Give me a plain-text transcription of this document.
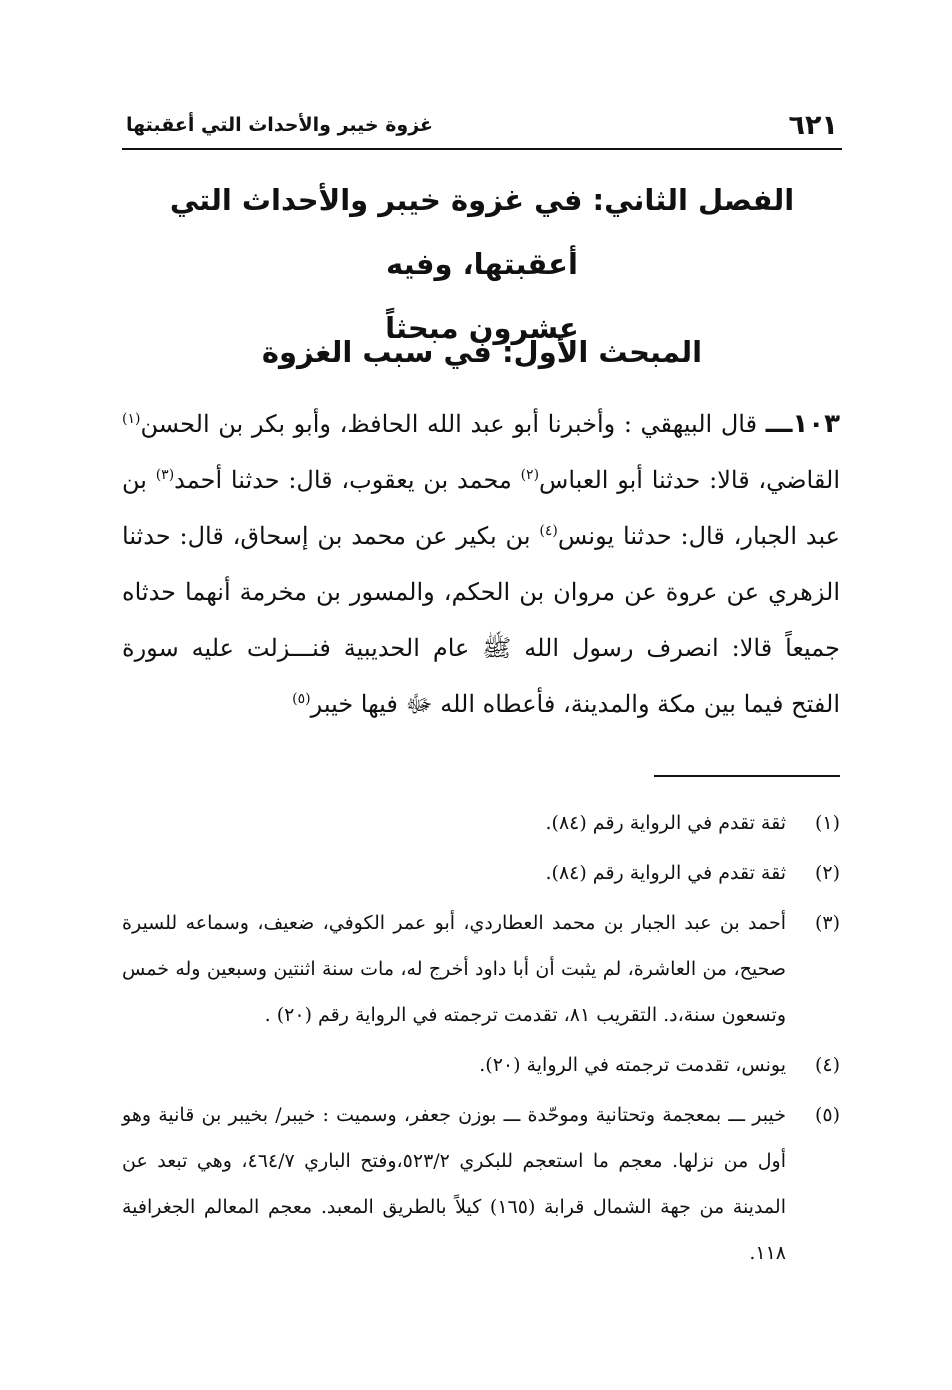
٦٢١
غزوة خيبر والأحداث التي أعقبتها
الفصل الثاني: في غزوة خيبر والأحداث التي أعقبتها، وفيه
عشرون مبحثاً
المبحث الأول: في سبب الغزوة
١٠٣ـــ قال البيهقي : وأخبرنا أبو عبد الله الحافظ، وأبو بكر بن الحسن$^{(١)}$ القاضي، قالا: حدثنا أبو العباس$^{(٢)}$ محمد بن يعقوب، قال: حدثنا أحمد$^{(٣)}$ بن عبد الجبار، قال: حدثنا يونس$^{(٤)}$ بن بكير عن محمد بن إسحاق، قال: حدثنا الزهري عن عروة عن مروان بن الحكم، والمسور بن مخرمة أنهما حدثاه جميعاً قالا: انصرف رسول الله ﷺ عام الحديبية فنـــزلت عليه سورة الفتح فيما بين مكة والمدينة، فأعطاه الله ﷻ فيها خيبر$^{(٥)}$
(١)
ثقة تقدم في الرواية رقم (٨٤).
(٢)
ثقة تقدم في الرواية رقم (٨٤).
(٣)
أحمد بن عبد الجبار بن محمد العطاردي، أبو عمر الكوفي، ضعيف، وسماعه للسيرة صحيح، من العاشرة، لم يثبت أن أبا داود أخرج له، مات سنة اثنتين وسبعين وله خمس وتسعون سنة،د. التقريب ٨١، تقدمت ترجمته في الرواية رقم (٢٠) .
(٤)
يونس، تقدمت ترجمته في الرواية (٢٠).
(٥)
خيبر ـــ بمعجمة وتحتانية وموحّدة ـــ بوزن جعفر، وسميت : خيبر/ بخيبر بن قانية وهو أول من نزلها. معجم ما استعجم للبكري ٥٢٣/٢،وفتح الباري ٤٦٤/٧، وهي تبعد عن المدينة من جهة الشمال قرابة (١٦٥) كيلاً بالطريق المعبد. معجم المعالم الجغرافية ١١٨.
